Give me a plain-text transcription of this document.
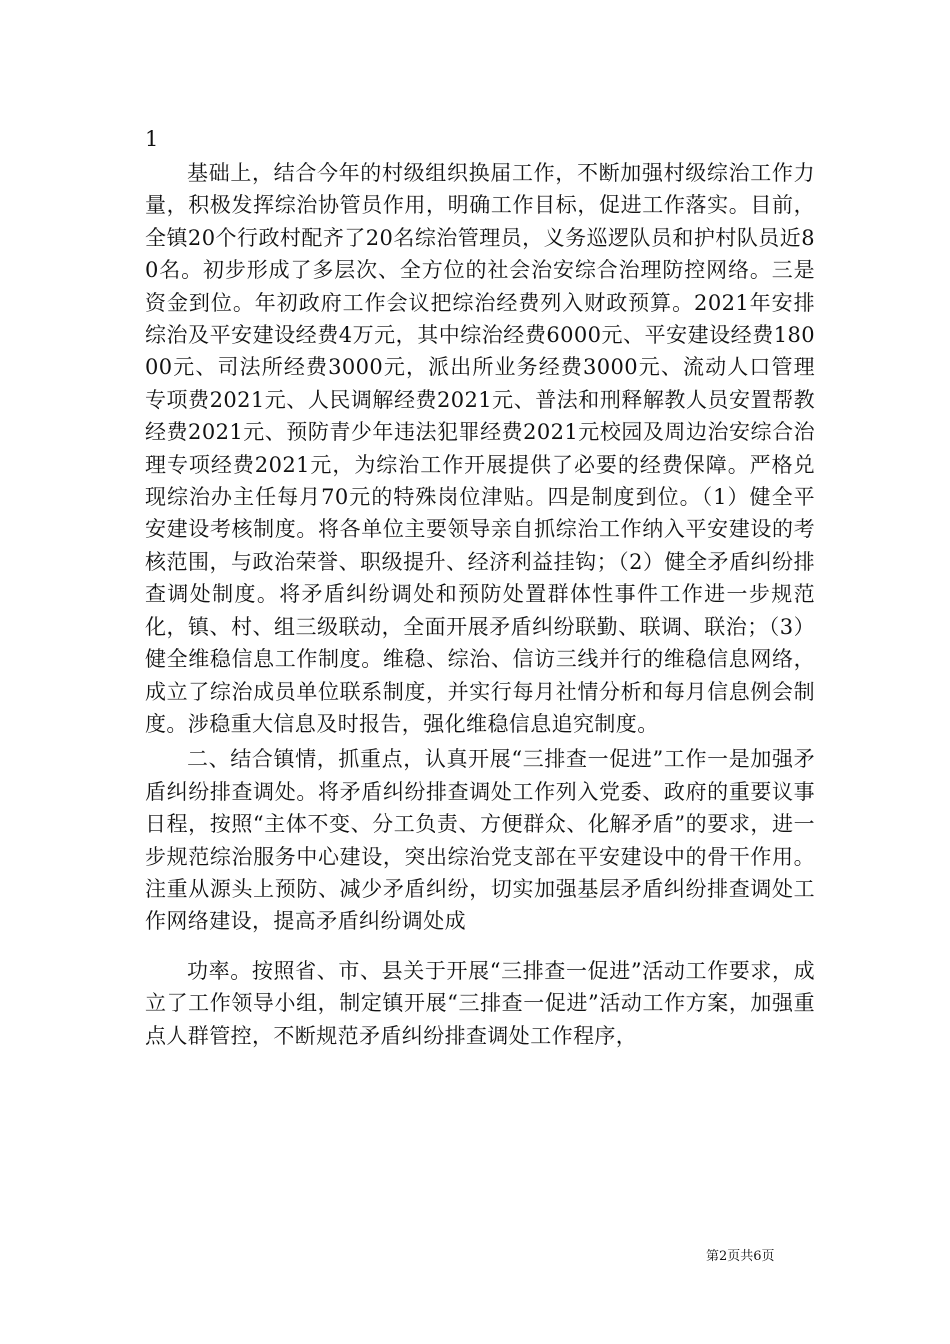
1

基础上，结合今年的村级组织换届工作，不断加强村级综治工作力量，积极发挥综治协管员作用，明确工作目标，促进工作落实。目前，全镇20个行政村配齐了20名综治管理员，义务巡逻队员和护村队员近80名。初步形成了多层次、全方位的社会治安综合治理防控网络。三是资金到位。年初政府工作会议把综治经费列入财政预算。2021年安排综治及平安建设经费4万元，其中综治经费6000元、平安建设经费18000元、司法所经费3000元，派出所业务经费3000元、流动人口管理专项费2021元、人民调解经费2021元、普法和刑释解教人员安置帮教经费2021元、预防青少年违法犯罪经费2021元校园及周边治安综合治理专项经费2021元，为综治工作开展提供了必要的经费保障。严格兑现综治办主任每月70元的特殊岗位津贴。四是制度到位。（1）健全平安建设考核制度。将各单位主要领导亲自抓综治工作纳入平安建设的考核范围，与政治荣誉、职级提升、经济利益挂钩；（2）健全矛盾纠纷排查调处制度。将矛盾纠纷调处和预防处置群体性事件工作进一步规范化，镇、村、组三级联动，全面开展矛盾纠纷联勤、联调、联治；（3）健全维稳信息工作制度。维稳、综治、信访三线并行的维稳信息网络，成立了综治成员单位联系制度，并实行每月社情分析和每月信息例会制度。涉稳重大信息及时报告，强化维稳信息追究制度。

二、结合镇情，抓重点，认真开展“三排查一促进”工作一是加强矛盾纠纷排查调处。将矛盾纠纷排查调处工作列入党委、政府的重要议事日程，按照“主体不变、分工负责、方便群众、化解矛盾”的要求，进一步规范综治服务中心建设，突出综治党支部在平安建设中的骨干作用。注重从源头上预防、减少矛盾纠纷，切实加强基层矛盾纠纷排查调处工作网络建设，提高矛盾纠纷调处成

功率。按照省、市、县关于开展“三排查一促进”活动工作要求，成立了工作领导小组，制定镇开展“三排查一促进”活动工作方案，加强重点人群管控，不断规范矛盾纠纷排查调处工作程序，

第2页共6页
